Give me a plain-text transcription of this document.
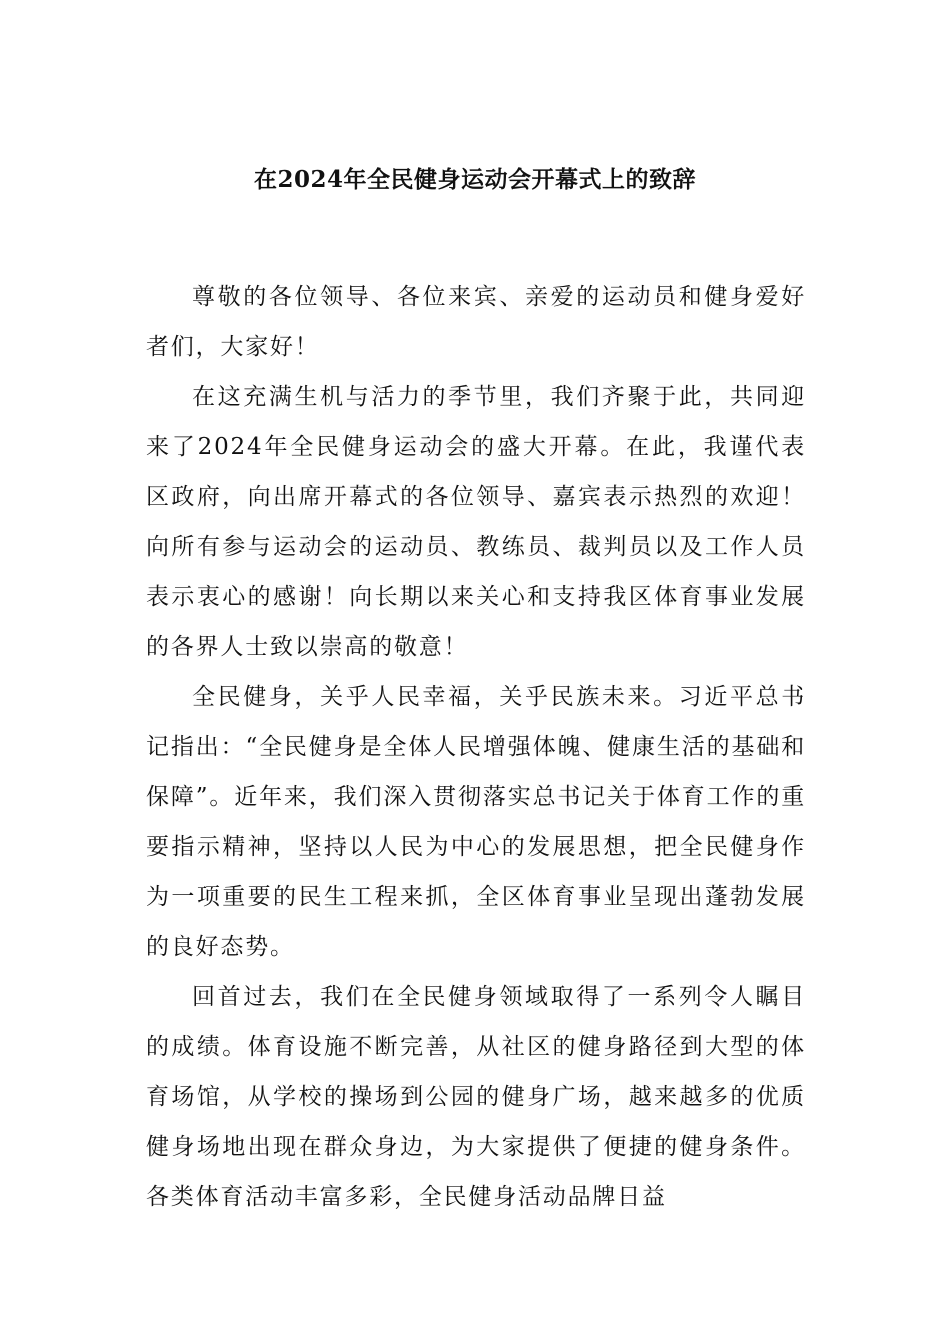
在2024年全民健身运动会开幕式上的致辞

尊敬的各位领导、各位来宾、亲爱的运动员和健身爱好者们，大家好！

在这充满生机与活力的季节里，我们齐聚于此，共同迎来了2024年全民健身运动会的盛大开幕。在此，我谨代表区政府，向出席开幕式的各位领导、嘉宾表示热烈的欢迎！向所有参与运动会的运动员、教练员、裁判员以及工作人员表示衷心的感谢！向长期以来关心和支持我区体育事业发展的各界人士致以崇高的敬意！

全民健身，关乎人民幸福，关乎民族未来。习近平总书记指出：“全民健身是全体人民增强体魄、健康生活的基础和保障”。近年来，我们深入贯彻落实总书记关于体育工作的重要指示精神，坚持以人民为中心的发展思想，把全民健身作为一项重要的民生工程来抓，全区体育事业呈现出蓬勃发展的良好态势。

回首过去，我们在全民健身领域取得了一系列令人瞩目的成绩。体育设施不断完善，从社区的健身路径到大型的体育场馆，从学校的操场到公园的健身广场，越来越多的优质健身场地出现在群众身边，为大家提供了便捷的健身条件。各类体育活动丰富多彩，全民健身活动品牌日益
